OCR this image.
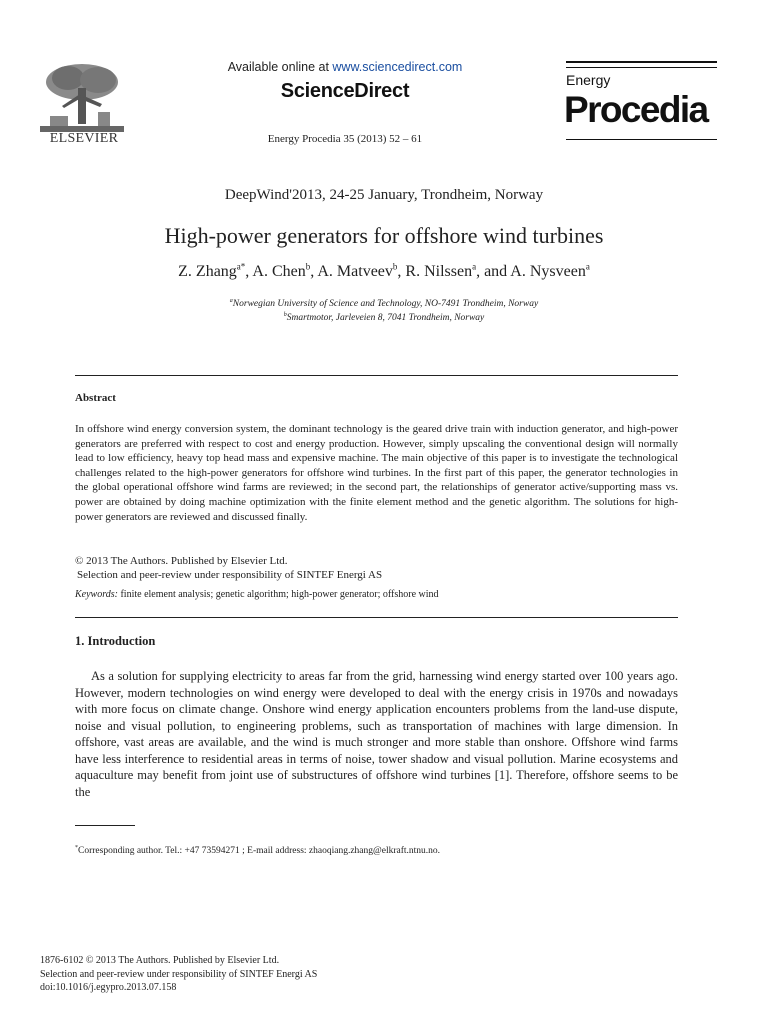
ELSEVIER
Available online at www.sciencedirect.com
ScienceDirect
Energy Procedia 35 (2013) 52 – 61
Energy
Procedia
DeepWind'2013, 24-25 January, Trondheim, Norway
High-power generators for offshore wind turbines
Z. Zhang$^{a*}$, A. Chen$^b$, A. Matveev$^b$, R. Nilssen$^a$, and A. Nysveen$^a$
$^a$Norwegian University of Science and Technology, NO-7491 Trondheim, Norway
$^b$Smartmotor, Jarleveien 8, 7041 Trondheim, Norway
Abstract
In offshore wind energy conversion system, the dominant technology is the geared drive train with induction generator, and high-power generators are preferred with respect to cost and energy production. However, simply upscaling the conventional design will normally lead to low efficiency, heavy top head mass and expensive machine. The main objective of this paper is to investigate the technological challenges related to the high-power generators for offshore wind turbines. In the first part of this paper, the generator technologies in the global operational offshore wind farms are reviewed; in the second part, the relationships of generator active/supporting mass vs. power are obtained by doing machine optimization with the finite element method and the genetic algorithm. The solutions for high-power generators are reviewed and discussed finally.
© 2013 The Authors. Published by Elsevier Ltd.
Selection and peer-review under responsibility of SINTEF Energi AS
Keywords: finite element analysis; genetic algorithm; high-power generator; offshore wind
1. Introduction
As a solution for supplying electricity to areas far from the grid, harnessing wind energy started over 100 years ago. However, modern technologies on wind energy were developed to deal with the energy crisis in 1970s and nowadays with more focus on climate change. Onshore wind energy application encounters problems from the land-use dispute, noise and visual pollution, to engineering problems, such as transportation of machines with large dimension. In offshore, vast areas are available, and the wind is much stronger and more stable than onshore. Offshore wind farms have less interference to residential areas in terms of noise, tower shadow and visual pollution. Marine ecosystems and aquaculture may benefit from joint use of substructures of offshore wind turbines [1]. Therefore, offshore seems to be the
*Corresponding author. Tel.: +47 73594271 ; E-mail address: zhaoqiang.zhang@elkraft.ntnu.no.
1876-6102 © 2013 The Authors. Published by Elsevier Ltd.
Selection and peer-review under responsibility of SINTEF Energi AS
doi:10.1016/j.egypro.2013.07.158
